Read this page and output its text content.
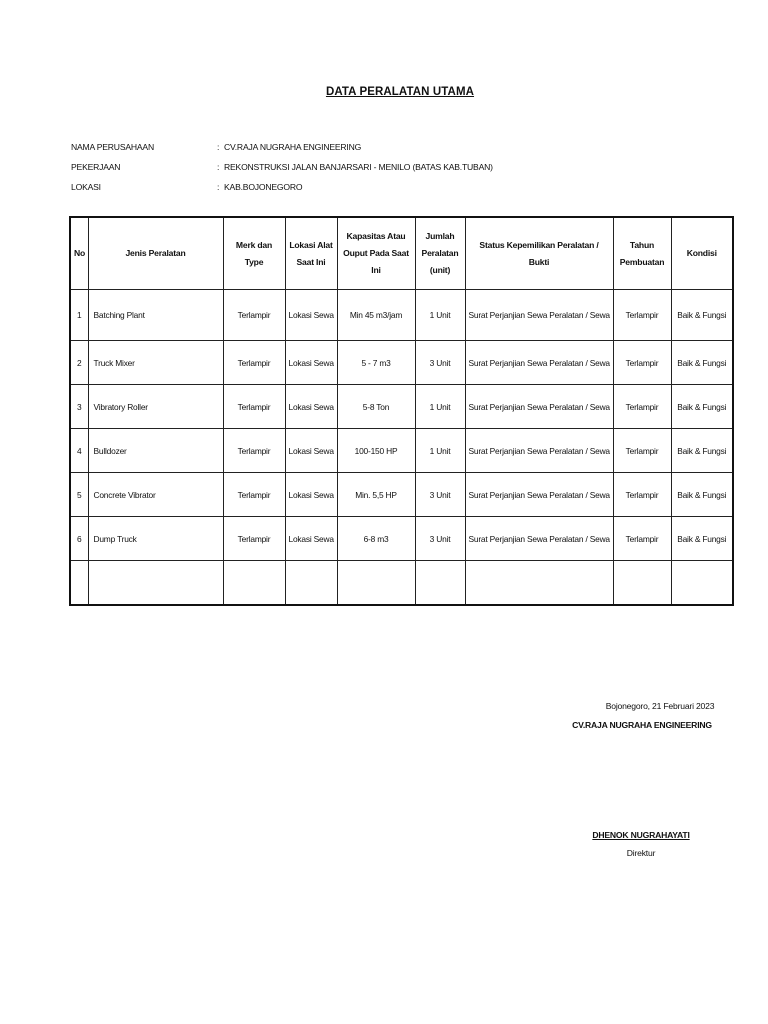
DATA PERALATAN UTAMA
NAMA PERUSAHAAN	: CV.RAJA NUGRAHA ENGINEERING
PEKERJAAN	: REKONSTRUKSI JALAN BANJARSARI - MENILO (BATAS KAB.TUBAN)
LOKASI	: KAB.BOJONEGORO
No	Jenis Peralatan	Merk dan Type	Lokasi Alat Saat Ini	Kapasitas Atau Ouput Pada Saat Ini	Jumlah Peralatan (unit)	Status Kepemilikan Peralatan / Bukti	Tahun Pembuatan	Kondisi
1	Batching Plant	Terlampir	Lokasi Sewa	Min 45 m3/jam	1 Unit	Surat Perjanjian Sewa Peralatan / Sewa	Terlampir	Baik & Fungsi
2	Truck Mixer	Terlampir	Lokasi Sewa	5 - 7 m3	3 Unit	Surat Perjanjian Sewa Peralatan / Sewa	Terlampir	Baik & Fungsi
3	Vibratory Roller	Terlampir	Lokasi Sewa	5-8 Ton	1 Unit	Surat Perjanjian Sewa Peralatan / Sewa	Terlampir	Baik & Fungsi
4	Bulldozer	Terlampir	Lokasi Sewa	100-150 HP	1 Unit	Surat Perjanjian Sewa Peralatan / Sewa	Terlampir	Baik & Fungsi
5	Concrete Vibrator	Terlampir	Lokasi Sewa	Min. 5,5 HP	3 Unit	Surat Perjanjian Sewa Peralatan / Sewa	Terlampir	Baik & Fungsi
6	Dump Truck	Terlampir	Lokasi Sewa	6-8 m3	3 Unit	Surat Perjanjian Sewa Peralatan / Sewa	Terlampir	Baik & Fungsi

Bojonegoro, 21 Februari 2023
CV.RAJA NUGRAHA ENGINEERING
DHENOK NUGRAHAYATI
Direktur
